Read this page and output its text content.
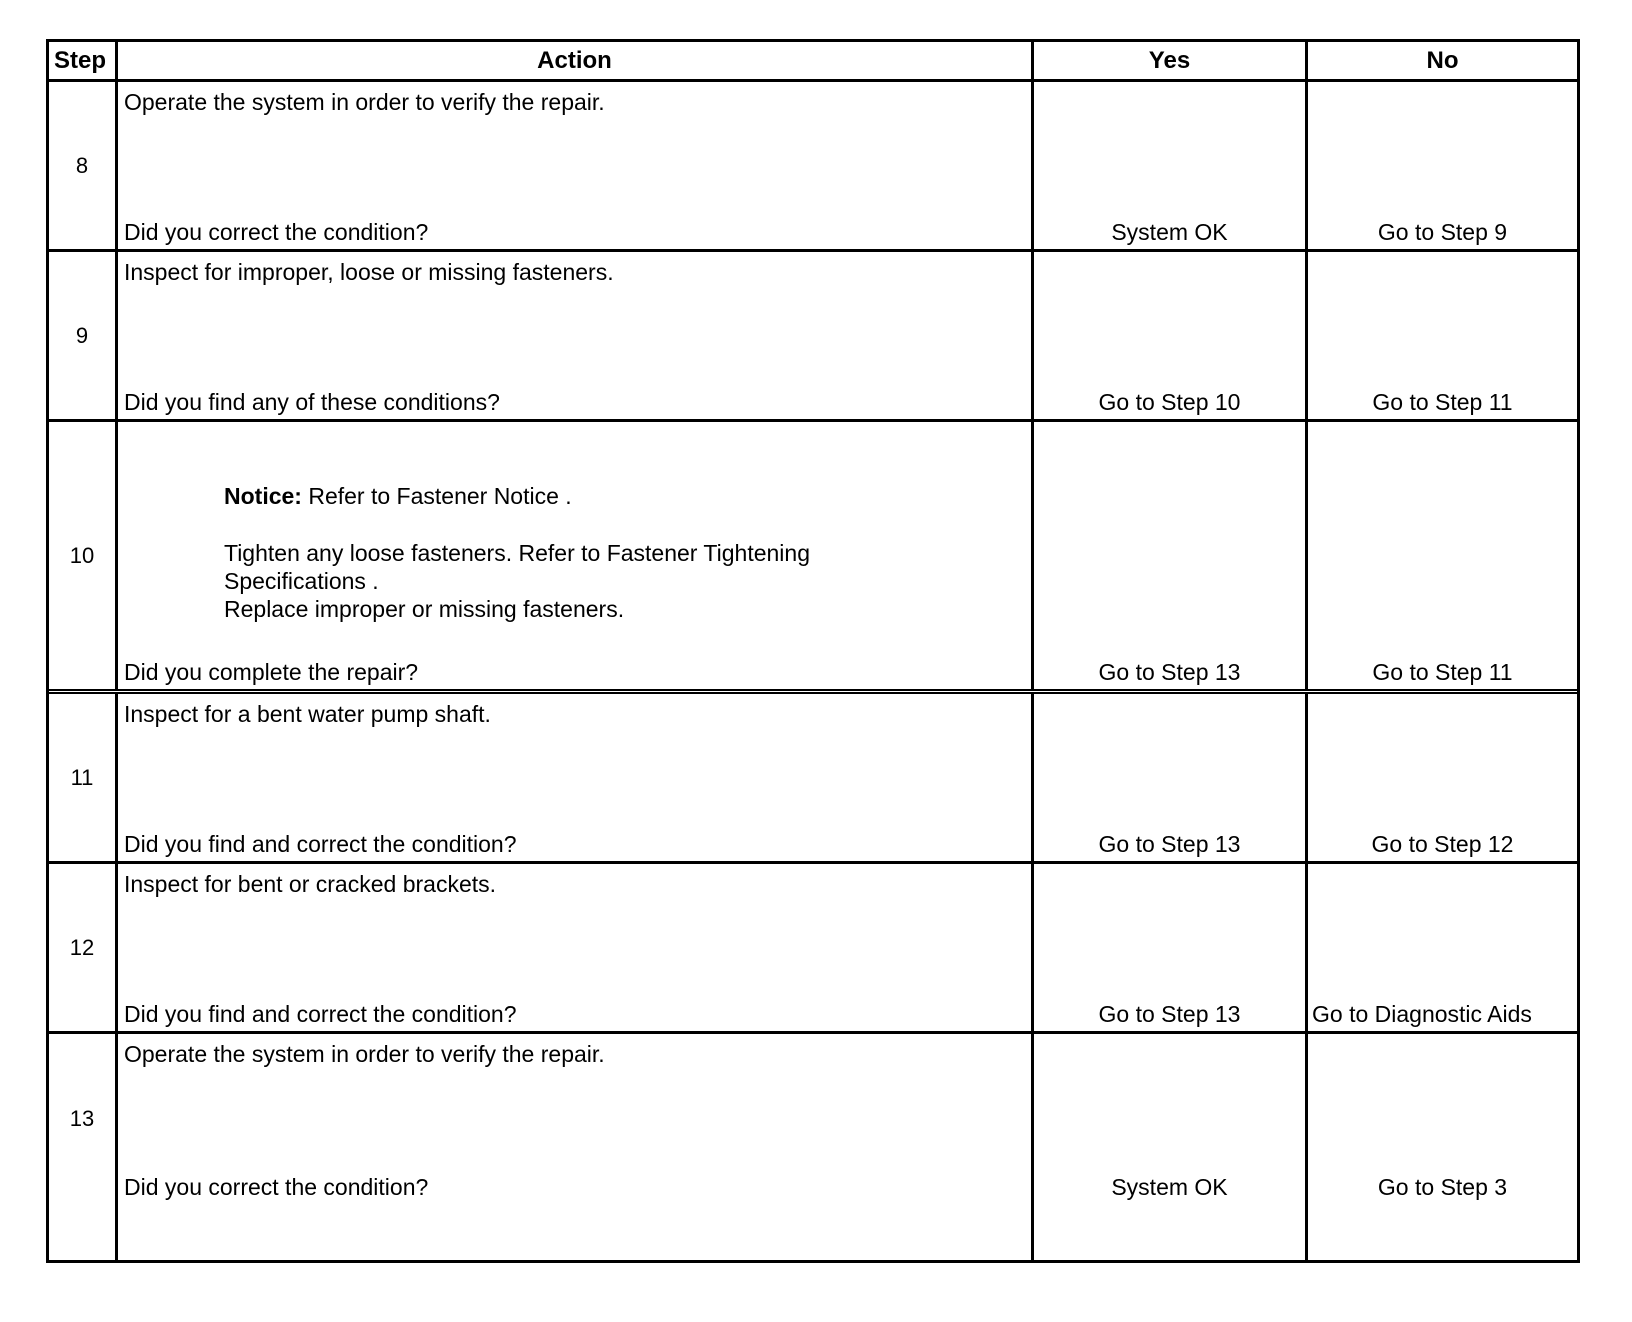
Step	Action	Yes	No
8
Operate the system in order to verify the repair.
Did you correct the condition?	System OK	Go to Step 9
9
Inspect for improper, loose or missing fasteners.
Did you find any of these conditions?	Go to Step 10	Go to Step 11
10
Notice: Refer to Fastener Notice .
Tighten any loose fasteners. Refer to Fastener Tightening
Specifications .
Replace improper or missing fasteners.
Did you complete the repair?	Go to Step 13	Go to Step 11
11
Inspect for a bent water pump shaft.
Did you find and correct the condition?	Go to Step 13	Go to Step 12
12
Inspect for bent or cracked brackets.
Did you find and correct the condition?	Go to Step 13	Go to Diagnostic Aids
13
Operate the system in order to verify the repair.
Did you correct the condition?	System OK	Go to Step 3
